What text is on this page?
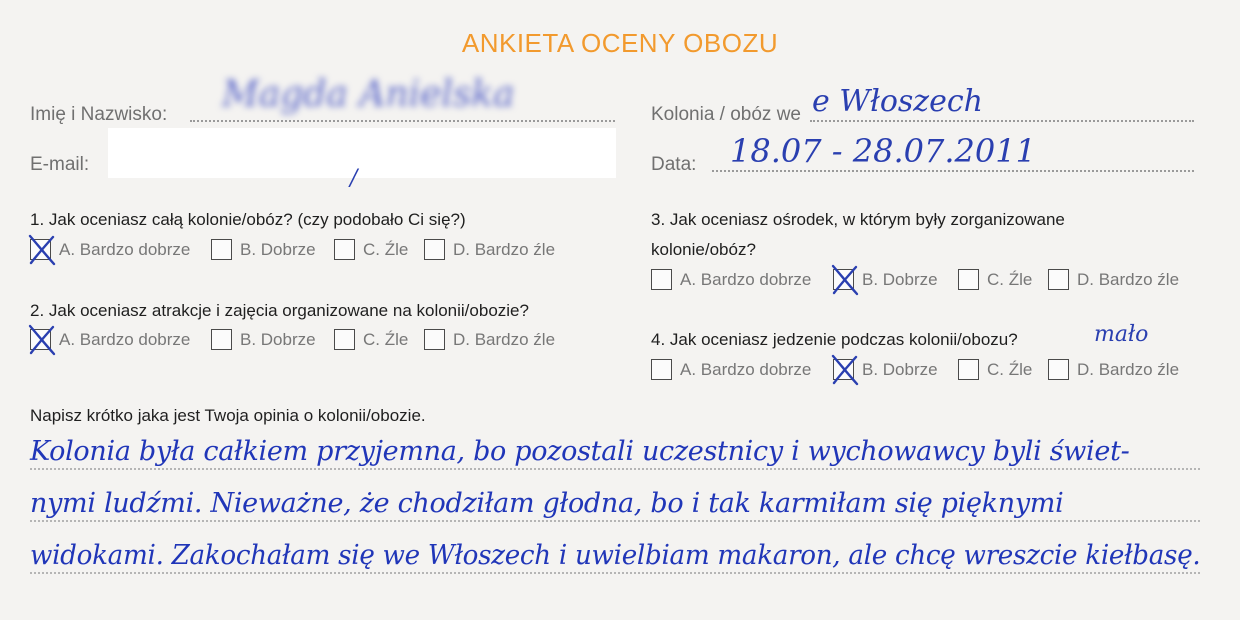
ANKIETA OCENY OBOZU
Imię i Nazwisko: Magda Anielska
E-mail:
/
Kolonia / obóz we e Włoszech
Data: 18.07 - 28.07.2011
1. Jak oceniasz całą kolonie/obóz? (czy podobało Ci się?)
A. Bardzo dobrze	B. Dobrze	C. Źle	D. Bardzo źle
2. Jak oceniasz atrakcje i zajęcia organizowane na kolonii/obozie?
A. Bardzo dobrze	B. Dobrze	C. Źle	D. Bardzo źle
3. Jak oceniasz ośrodek, w którym były zorganizowane
kolonie/obóz?
A. Bardzo dobrze	B. Dobrze	C. Źle	D. Bardzo źle
4. Jak oceniasz jedzenie podczas kolonii/obozu?	mało
A. Bardzo dobrze	B. Dobrze	C. Źle	D. Bardzo źle
Napisz krótko jaka jest Twoja opinia o kolonii/obozie.
Kolonia była całkiem przyjemna, bo pozostali uczestnicy i wychowawcy byli świet-
nymi ludźmi. Nieważne, że chodziłam głodna, bo i tak karmiłam się pięknymi
widokami. Zakochałam się we Włoszech i uwielbiam makaron, ale chcę wreszcie kiełbasę.
